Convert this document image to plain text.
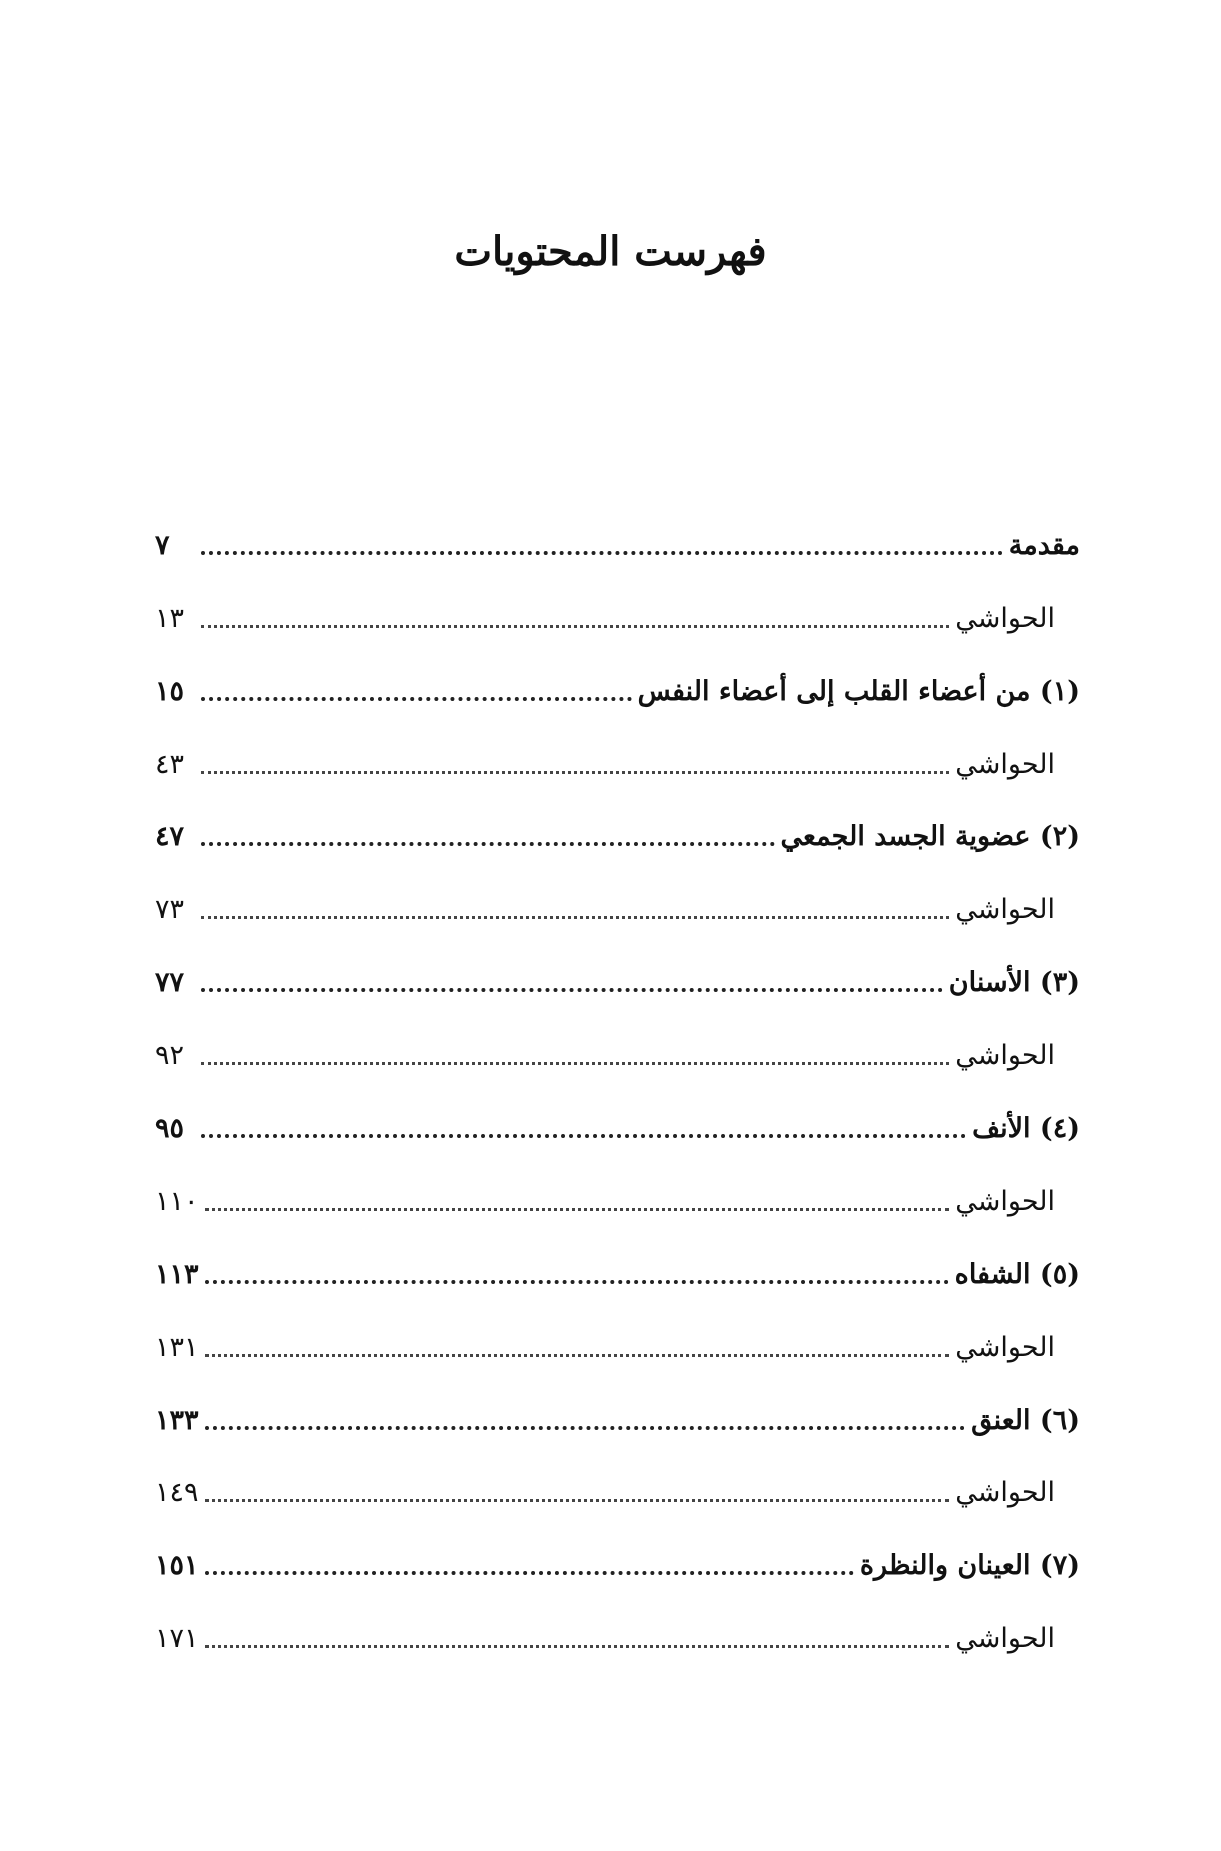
فهرست المحتويات
مقدمة
٧
الحواشي
١٣
(١) من أعضاء القلب إلى أعضاء النفس
١٥
الحواشي
٤٣
(٢) عضوية الجسد الجمعي
٤٧
الحواشي
٧٣
(٣) الأسنان
٧٧
الحواشي
٩٢
(٤) الأنف
٩٥
الحواشي
١١٠
(٥) الشفاه
١١٣
الحواشي
١٣١
(٦) العنق
١٣٣
الحواشي
١٤٩
(٧) العينان والنظرة
١٥١
الحواشي
١٧١
